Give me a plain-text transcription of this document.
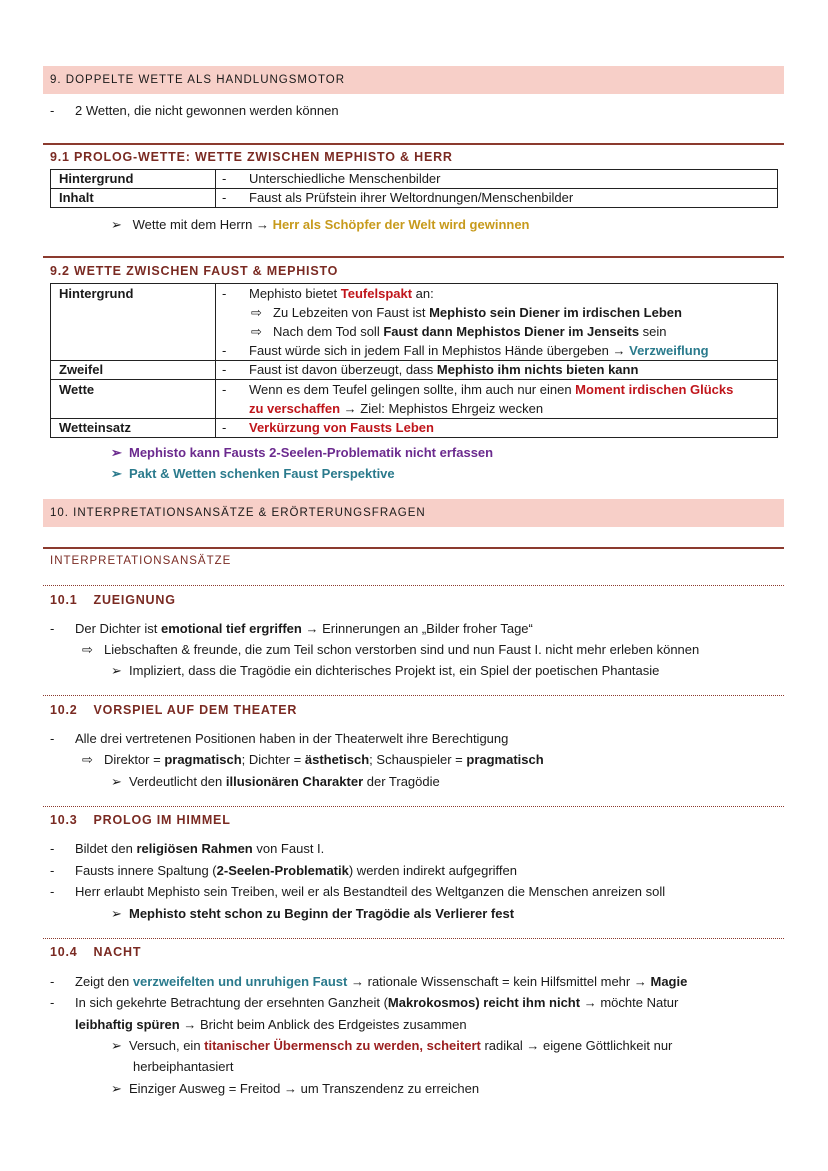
9. DOPPELTE WETTE ALS HANDLUNGSMOTOR
- 2 Wetten, die nicht gewonnen werden können
9.1 PROLOG-WETTE: WETTE ZWISCHEN MEPHISTO & HERR
Hintergrund	- Unterschiedliche Menschenbilder
Inhalt	- Faust als Prüfstein ihrer Weltordnungen/Menschenbilder
➢ Wette mit dem Herrn → Herr als Schöpfer der Welt wird gewinnen
9.2 WETTE ZWISCHEN FAUST & MEPHISTO
Hintergrund	- Mephisto bietet Teufelspakt an:
⇨ Zu Lebzeiten von Faust ist Mephisto sein Diener im irdischen Leben
⇨ Nach dem Tod soll Faust dann Mephistos Diener im Jenseits sein
- Faust würde sich in jedem Fall in Mephistos Hände übergeben → Verzweiflung

Zweifel	- Faust ist davon überzeugt, dass Mephisto ihm nichts bieten kann
Wette	- Wenn es dem Teufel gelingen sollte, ihm auch nur einen Moment irdischen Glücks
zu verschaffen → Ziel: Mephistos Ehrgeiz wecken

Wetteinsatz	- Verkürzung von Fausts Leben
➢ Mephisto kann Fausts 2-Seelen-Problematik nicht erfassen
➢ Pakt & Wetten schenken Faust Perspektive
10. INTERPRETATIONSANSÄTZE & ERÖRTERUNGSFRAGEN
INTERPRETATIONSANSÄTZE
10.1 ZUEIGNUNG
- Der Dichter ist emotional tief ergriffen → Erinnerungen an „Bilder froher Tage“
⇨ Liebschaften & freunde, die zum Teil schon verstorben sind und nun Faust I. nicht mehr erleben können
➢ Impliziert, dass die Tragödie ein dichterisches Projekt ist, ein Spiel der poetischen Phantasie
10.2 VORSPIEL AUF DEM THEATER
- Alle drei vertretenen Positionen haben in der Theaterwelt ihre Berechtigung
⇨ Direktor = pragmatisch; Dichter = ästhetisch; Schauspieler = pragmatisch
➢ Verdeutlicht den illusionären Charakter der Tragödie
10.3 PROLOG IM HIMMEL
- Bildet den religiösen Rahmen von Faust I.
- Fausts innere Spaltung (2-Seelen-Problematik) werden indirekt aufgegriffen
- Herr erlaubt Mephisto sein Treiben, weil er als Bestandteil des Weltganzen die Menschen anreizen soll
➢ Mephisto steht schon zu Beginn der Tragödie als Verlierer fest
10.4 NACHT
- Zeigt den verzweifelten und unruhigen Faust → rationale Wissenschaft = kein Hilfsmittel mehr → Magie
- In sich gekehrte Betrachtung der ersehnten Ganzheit (Makrokosmos) reicht ihm nicht → möchte Natur
leibhaftig spüren → Bricht beim Anblick des Erdgeistes zusammen
➢ Versuch, ein titanischer Übermensch zu werden, scheitert radikal → eigene Göttlichkeit nur
herbeiphantasiert
➢ Einziger Ausweg = Freitod → um Transzendenz zu erreichen
